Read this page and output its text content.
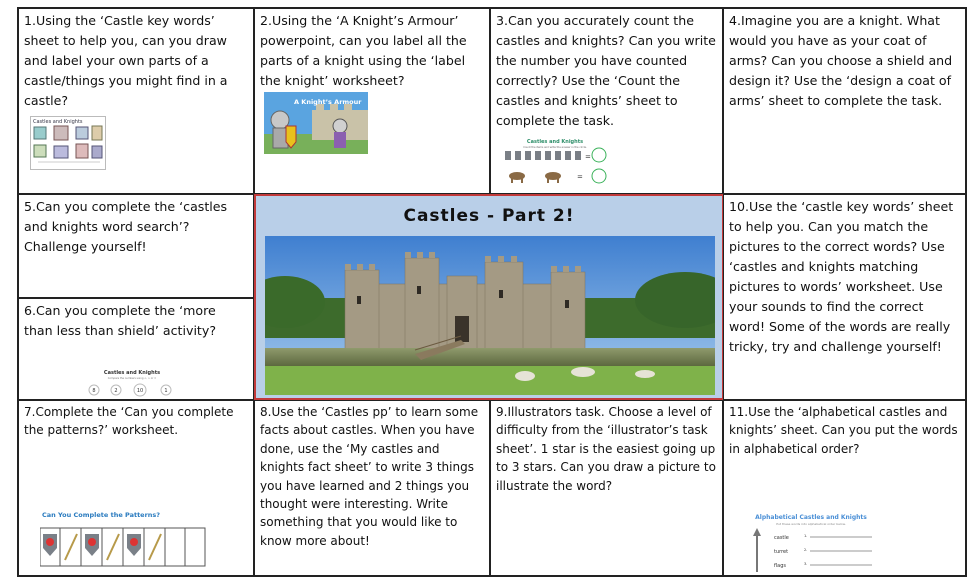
1.Using the ‘Castle key words’ sheet to help you, can you draw and label your own parts of a castle/things you might find in a castle?
Castles and Knights
2.Using the ‘A Knight’s Armour’ powerpoint, can you label all the parts of a knight using the ‘label the knight’ worksheet?
A Knight’s Armour
3.Can you accurately count the castles and knights? Can you write the number you have counted correctly? Use the ‘Count the castles and knights’ sheet to complete the task.
Castles and Knights
Count the items and write the answer in the circle.
=
=
4.Imagine you are a knight. What would you have as your coat of arms? Can you choose a shield and design it? Use the ‘design a coat of arms’ sheet to complete the task.
5.Can you complete the ‘castles and knights word search’? Challenge yourself!
6.Can you complete the ‘more than less than shield’ activity?
Castles and Knights
Compare the numbers using <, > or =
8	2	10	1
Castles - Part 2!	10.Use the ‘castle key words’ sheet to help you. Can you match the pictures to the correct words? Use ‘castles and knights matching pictures to words’ worksheet. Use your sounds to find the correct word! Some of the words are really tricky, try and challenge yourself!
7.Complete the ‘Can you complete the patterns?’ worksheet.
Can You Complete the Patterns?
8.Use the ‘Castles pp’ to learn some facts about castles. When you have done, use the ‘My castles and knights fact sheet’ to write 3 things you have learned and 2 things you thought were interesting. Write something that you would like to know more about!
9.Illustrators task. Choose a level of difficulty from the ‘illustrator’s task sheet’. 1 star is the easiest going up to 3 stars. Can you draw a picture to illustrate the word?
11.Use the ‘alphabetical castles and knights’ sheet. Can you put the words in alphabetical order?
Alphabetical Castles and Knights
Put these words into alphabetical order below.
castle
turret
flags
1.
2.
3.
